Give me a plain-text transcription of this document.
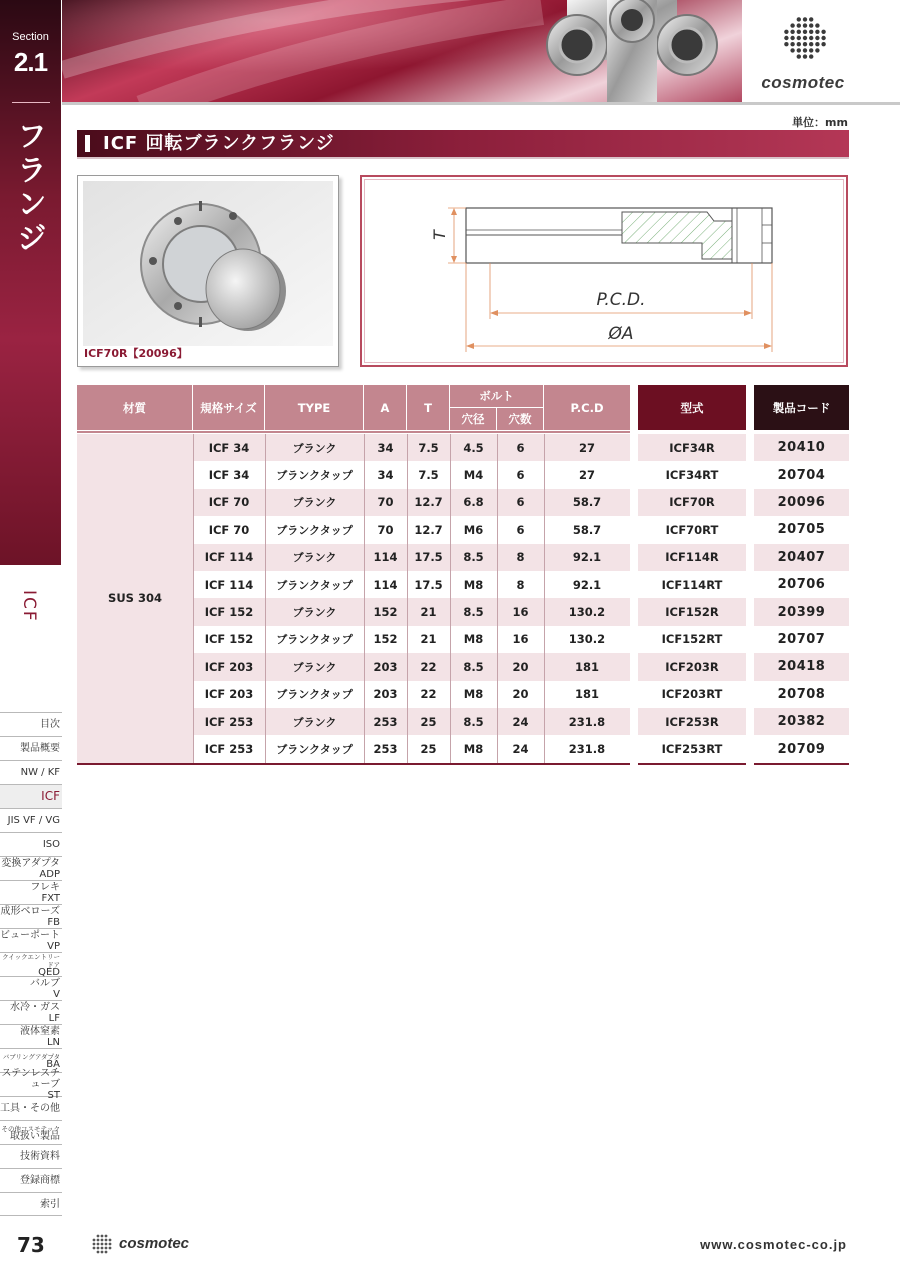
Section
2.1
フランジ
ICF
目次
製品概要
NW / KF
ICF
JIS VF / VG
ISO
変換アダプタ
ADP
フレキ
FXT
成形ベローズ
FB
ビューポート
VP
クイックエントリードア
QED
バルブ
V
水冷・ガス
LF
液体窒素
LN
バブリングアダプタ
BA
ステンレスチューブ
ST
工具・その他
その他コスモテック
取扱い製品
技術資料
登録商標
索引
cosmotec
単位：mm
ICF 回転ブランクフランジ
ICF70R【20096】
T
P.C.D.
ØA
材質	規格サイズ	TYPE	A	T
ボルト
穴径	穴数
P.C.D	型式	製品コード
SUS 304
ICF 34	ブランク	34	7.5	4.5	6	27	ICF34R	20410
ICF 34	ブランクタップ	34	7.5	M4	6	27	ICF34RT	20704
ICF 70	ブランク	70	12.7	6.8	6	58.7	ICF70R	20096
ICF 70	ブランクタップ	70	12.7	M6	6	58.7	ICF70RT	20705
ICF 114	ブランク	114	17.5	8.5	8	92.1	ICF114R	20407
ICF 114	ブランクタップ	114	17.5	M8	8	92.1	ICF114RT	20706
ICF 152	ブランク	152	21	8.5	16	130.2	ICF152R	20399
ICF 152	ブランクタップ	152	21	M8	16	130.2	ICF152RT	20707
ICF 203	ブランク	203	22	8.5	20	181	ICF203R	20418
ICF 203	ブランクタップ	203	22	M8	20	181	ICF203RT	20708
ICF 253	ブランク	253	25	8.5	24	231.8	ICF253R	20382
ICF 253	ブランクタップ	253	25	M8	24	231.8	ICF253RT	20709
73	cosmotec	www.cosmotec-co.jp
